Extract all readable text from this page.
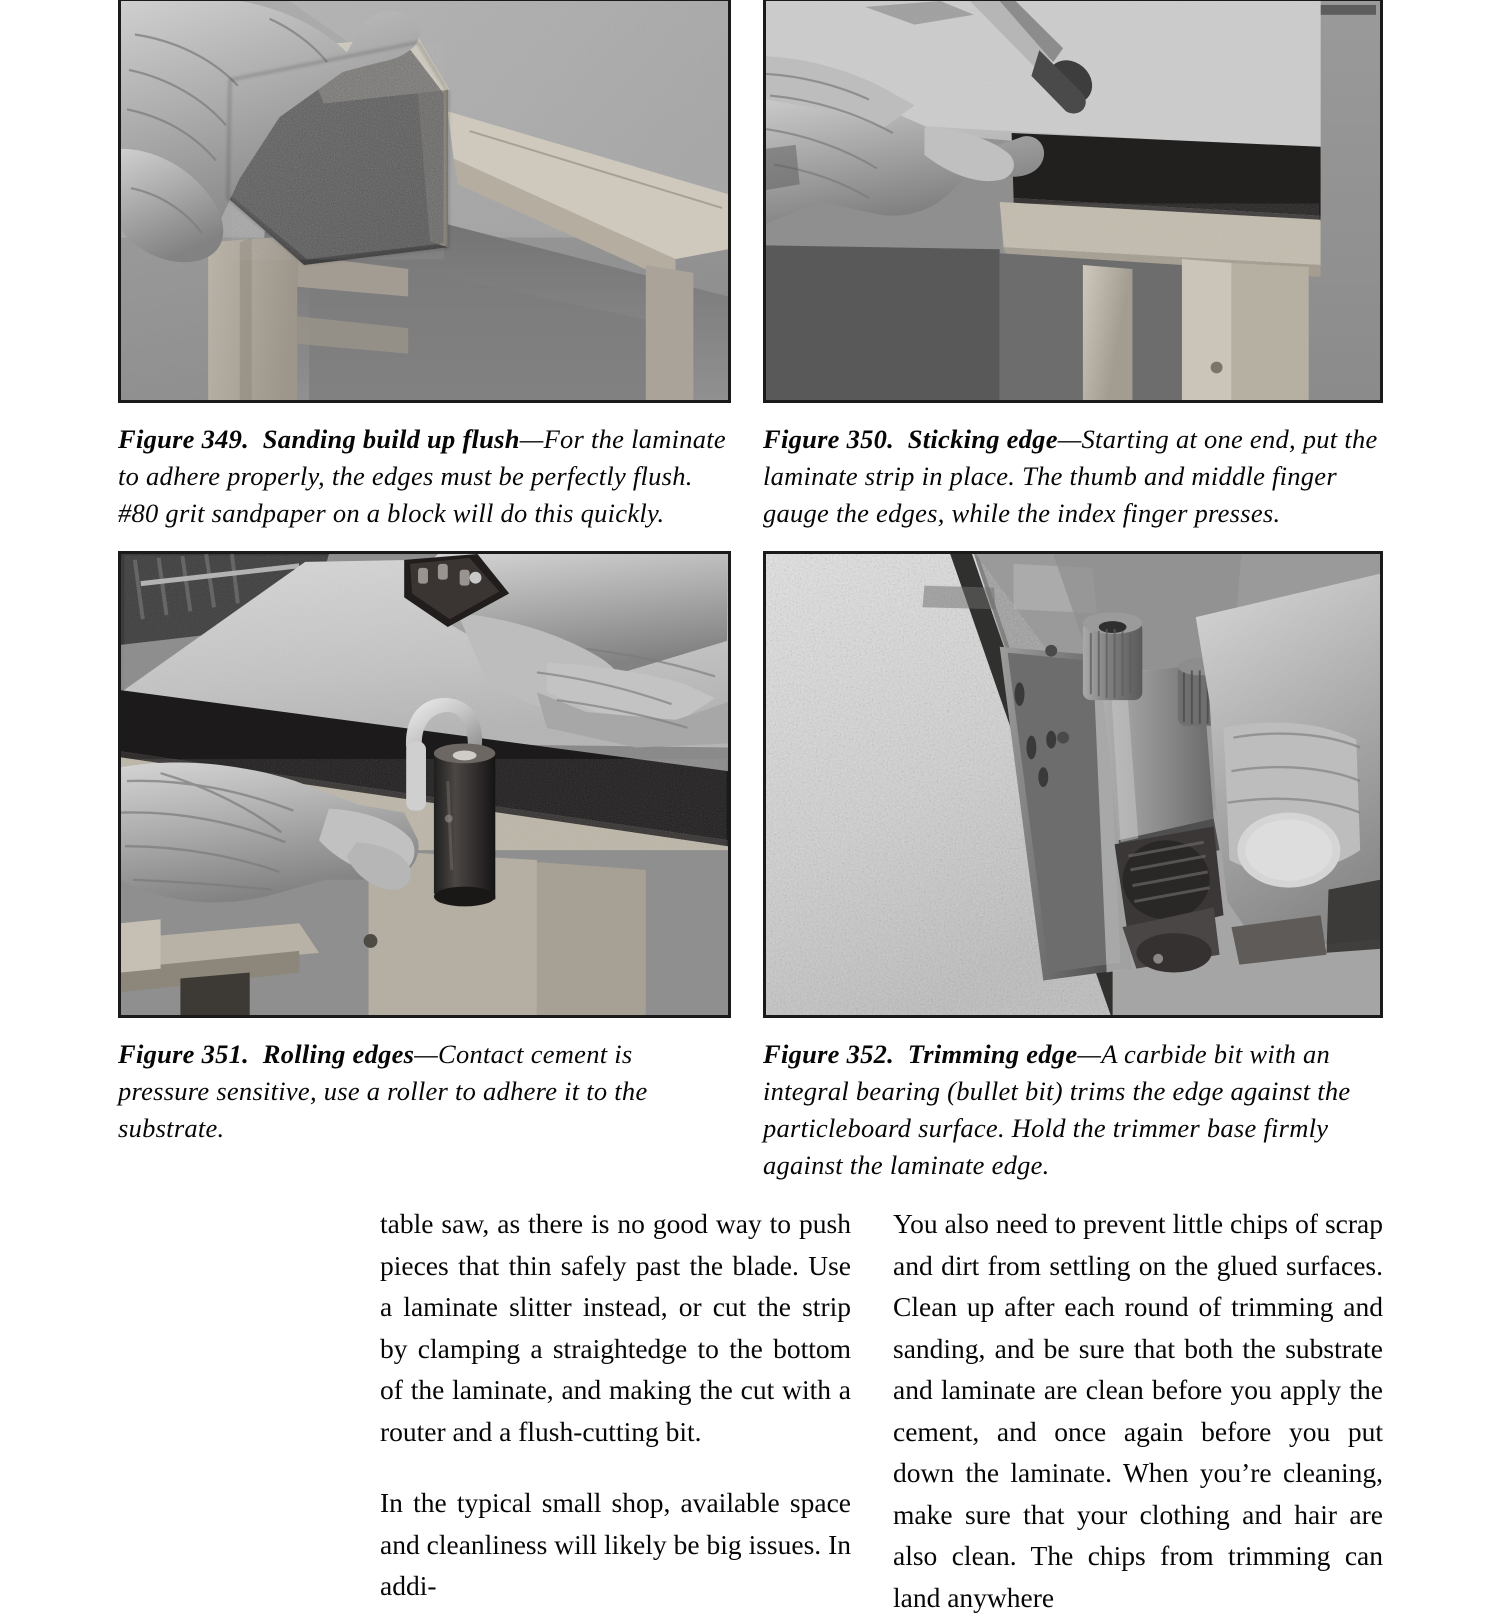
Figure 349. Sanding build up flush—For the laminate to adhere properly, the edges must be perfectly flush. #80 grit sandpaper on a block will do this quickly.
Figure 350. Sticking edge—Starting at one end, put the laminate strip in place. The thumb and middle finger gauge the edges, while the index finger presses.
Figure 351. Rolling edges—Contact cement is pressure sensitive, use a roller to adhere it to the substrate.
Figure 352. Trimming edge—A carbide bit with an integral bearing (bullet bit) trims the edge against the particleboard surface. Hold the trimmer base firmly against the laminate edge.

table saw, as there is no good way to push pieces that thin safely past the blade. Use a laminate slitter instead, or cut the strip by clamping a straightedge to the bottom of the laminate, and making the cut with a router and a flush-cutting bit.

In the typical small shop, available space and cleanliness will likely be big issues. In addi-

You also need to prevent little chips of scrap and dirt from settling on the glued surfaces. Clean up after each round of trimming and sanding, and be sure that both the substrate and laminate are clean before you apply the cement, and once again before you put down the laminate. When you’re cleaning, make sure that your clothing and hair are also clean. The chips from trimming can land anywhere
